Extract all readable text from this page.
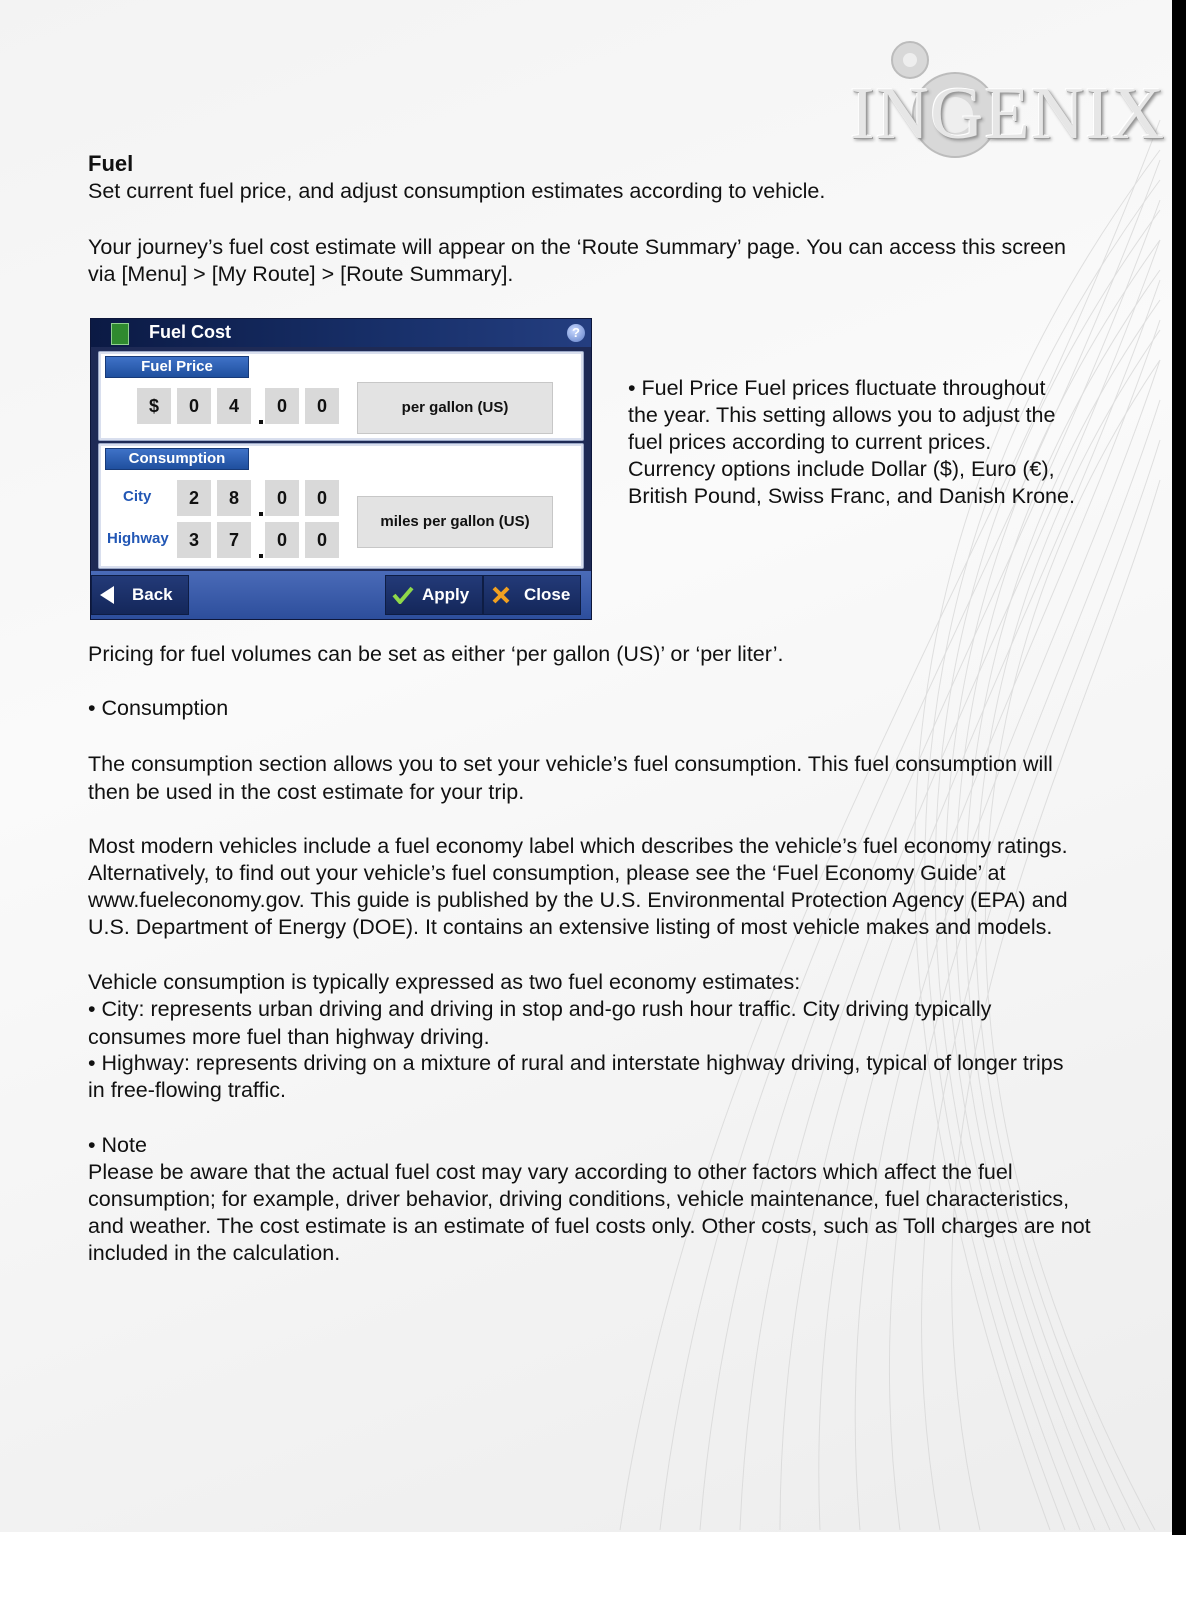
INGENIX
Fuel
Set current fuel price, and adjust consumption estimates according to vehicle.
Your journey’s fuel cost estimate will appear on the ‘Route Summary’ page. You can access this screen
via [Menu] > [My Route] > [Route Summary].
Fuel Cost	?
Fuel Price
$	0	4	0	0	per gallon (US)
Consumption
City	2	8	0	0
Highway	3	7	0	0
miles per gallon (US)
Back	Apply	Close
• Fuel Price Fuel prices fluctuate throughout
the year. This setting allows you to adjust the
fuel prices according to current prices.
Currency options include Dollar ($), Euro (€),
British Pound, Swiss Franc, and Danish Krone.
Pricing for fuel volumes can be set as either ‘per gallon (US)’ or ‘per liter’.
• Consumption
The consumption section allows you to set your vehicle’s fuel consumption. This fuel consumption will then be used in the cost estimate for your trip.
Most modern vehicles include a fuel economy label which describes the vehicle’s fuel economy ratings.
Alternatively, to find out your vehicle’s fuel consumption, please see the ‘Fuel Economy Guide’ at
www.fueleconomy.gov. This guide is published by the U.S. Environmental Protection Agency (EPA) and
U.S. Department of Energy (DOE). It contains an extensive listing of most vehicle makes and models.
Vehicle consumption is typically expressed as two fuel economy estimates:
• City: represents urban driving and driving in stop and-go rush hour traffic. City driving typically consumes more fuel than highway driving.
• Highway: represents driving on a mixture of rural and interstate highway driving, typical of longer trips
in free-flowing traffic.
• Note
Please be aware that the actual fuel cost may vary according to other factors which affect the fuel
consumption; for example, driver behavior, driving conditions, vehicle maintenance, fuel characteristics,
and weather. The cost estimate is an estimate of fuel costs only. Other costs, such as Toll charges are not
included in the calculation.
